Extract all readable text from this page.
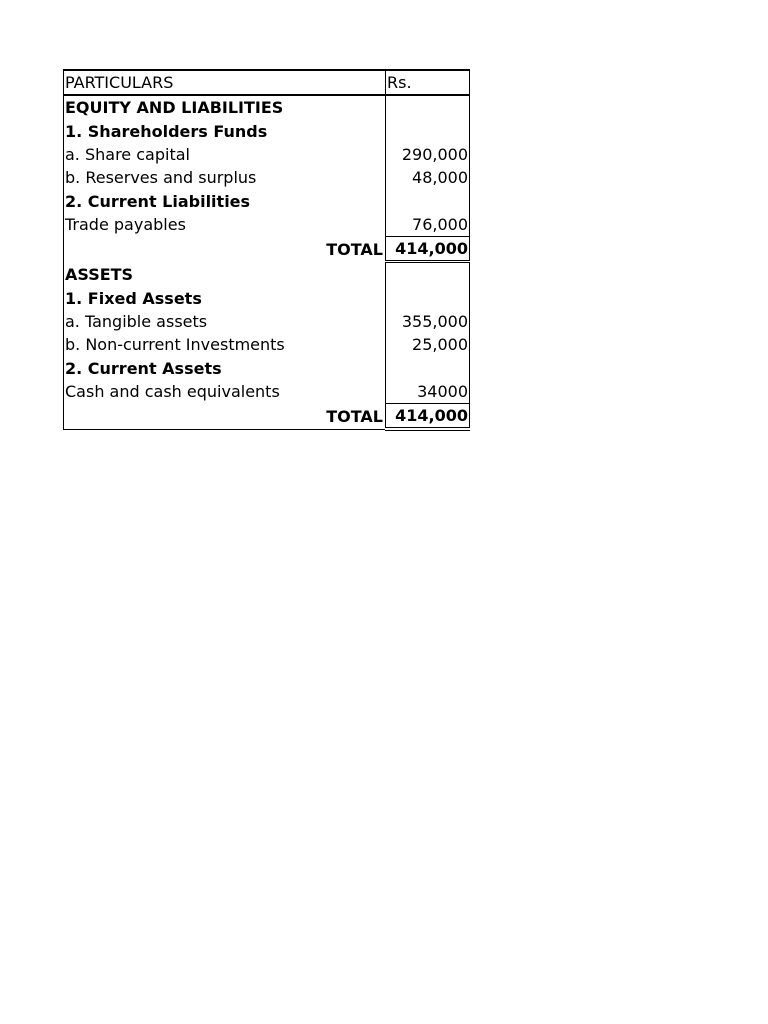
PARTICULARS	Rs.
EQUITY AND LIABILITIES	
1. Shareholders Funds	
a. Share capital	290,000
b. Reserves and surplus	48,000
2. Current Liabilities	
Trade payables	76,000
TOTAL	414,000
ASSETS	
1. Fixed Assets	
a. Tangible assets	355,000
b. Non-current Investments	25,000
2. Current Assets	
Cash and cash equivalents	34000
TOTAL	414,000
